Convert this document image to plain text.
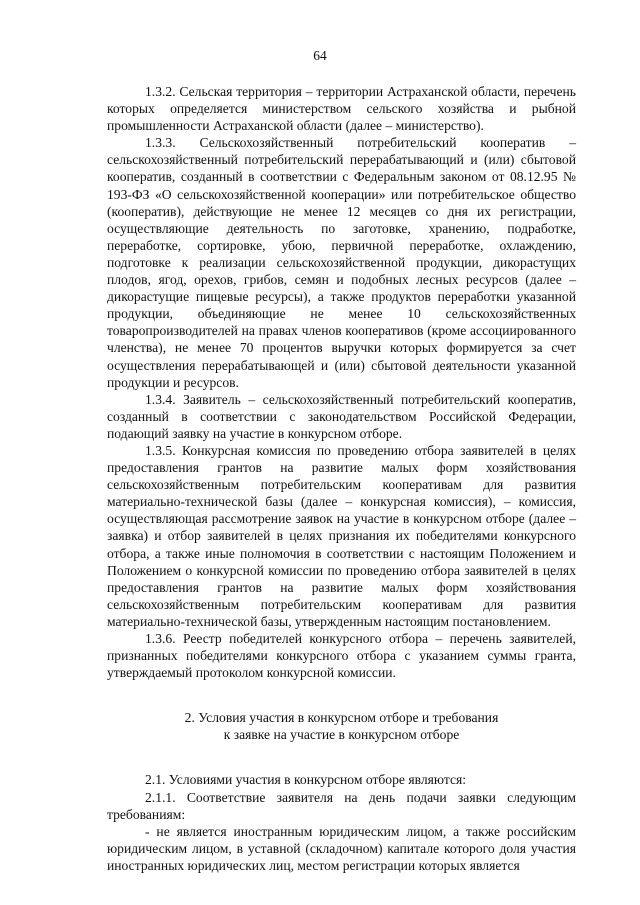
64

1.3.2. Сельская территория – территории Астраханской области, перечень которых определяется министерством сельского хозяйства и рыбной промышленности Астраханской области (далее – министерство).

1.3.3. Сельскохозяйственный потребительский кооператив – сельскохозяйственный потребительский перерабатывающий и (или) сбытовой кооператив, созданный в соответствии с Федеральным законом от 08.12.95 № 193-ФЗ «О сельскохозяйственной кооперации» или потребительское общество (кооператив), действующие не менее 12 месяцев со дня их регистрации, осуществляющие деятельность по заготовке, хранению, подработке, переработке, сортировке, убою, первичной переработке, охлаждению, подготовке к реализации сельскохозяйственной продукции, дикорастущих плодов, ягод, орехов, грибов, семян и подобных лесных ресурсов (далее – дикорастущие пищевые ресурсы), а также продуктов переработки указанной продукции, объединяющие не менее 10 сельскохозяйственных товаропроизводителей на правах членов кооперативов (кроме ассоциированного членства), не менее 70 процентов выручки которых формируется за счет осуществления перерабатывающей и (или) сбытовой деятельности указанной продукции и ресурсов.

1.3.4. Заявитель – сельскохозяйственный потребительский кооператив, созданный в соответствии с законодательством Российской Федерации, подающий заявку на участие в конкурсном отборе.

1.3.5. Конкурсная комиссия по проведению отбора заявителей в целях предоставления грантов на развитие малых форм хозяйствования сельскохозяйственным потребительским кооперативам для развития материально-технической базы (далее – конкурсная комиссия), – комиссия, осуществляющая рассмотрение заявок на участие в конкурсном отборе (далее – заявка) и отбор заявителей в целях признания их победителями конкурсного отбора, а также иные полномочия в соответствии с настоящим Положением и Положением о конкурсной комиссии по проведению отбора заявителей в целях предоставления грантов на развитие малых форм хозяйствования сельскохозяйственным потребительским кооперативам для развития материально-технической базы, утвержденным настоящим постановлением.

1.3.6. Реестр победителей конкурсного отбора – перечень заявителей, признанных победителями конкурсного отбора с указанием суммы гранта, утверждаемый протоколом конкурсной комиссии.

2. Условия участия в конкурсном отборе и требования
к заявке на участие в конкурсном отборе

2.1. Условиями участия в конкурсном отборе являются:

2.1.1. Соответствие заявителя на день подачи заявки следующим требованиям:

- не является иностранным юридическим лицом, а также российским юридическим лицом, в уставной (складочном) капитале которого доля участия иностранных юридических лиц, местом регистрации которых является
